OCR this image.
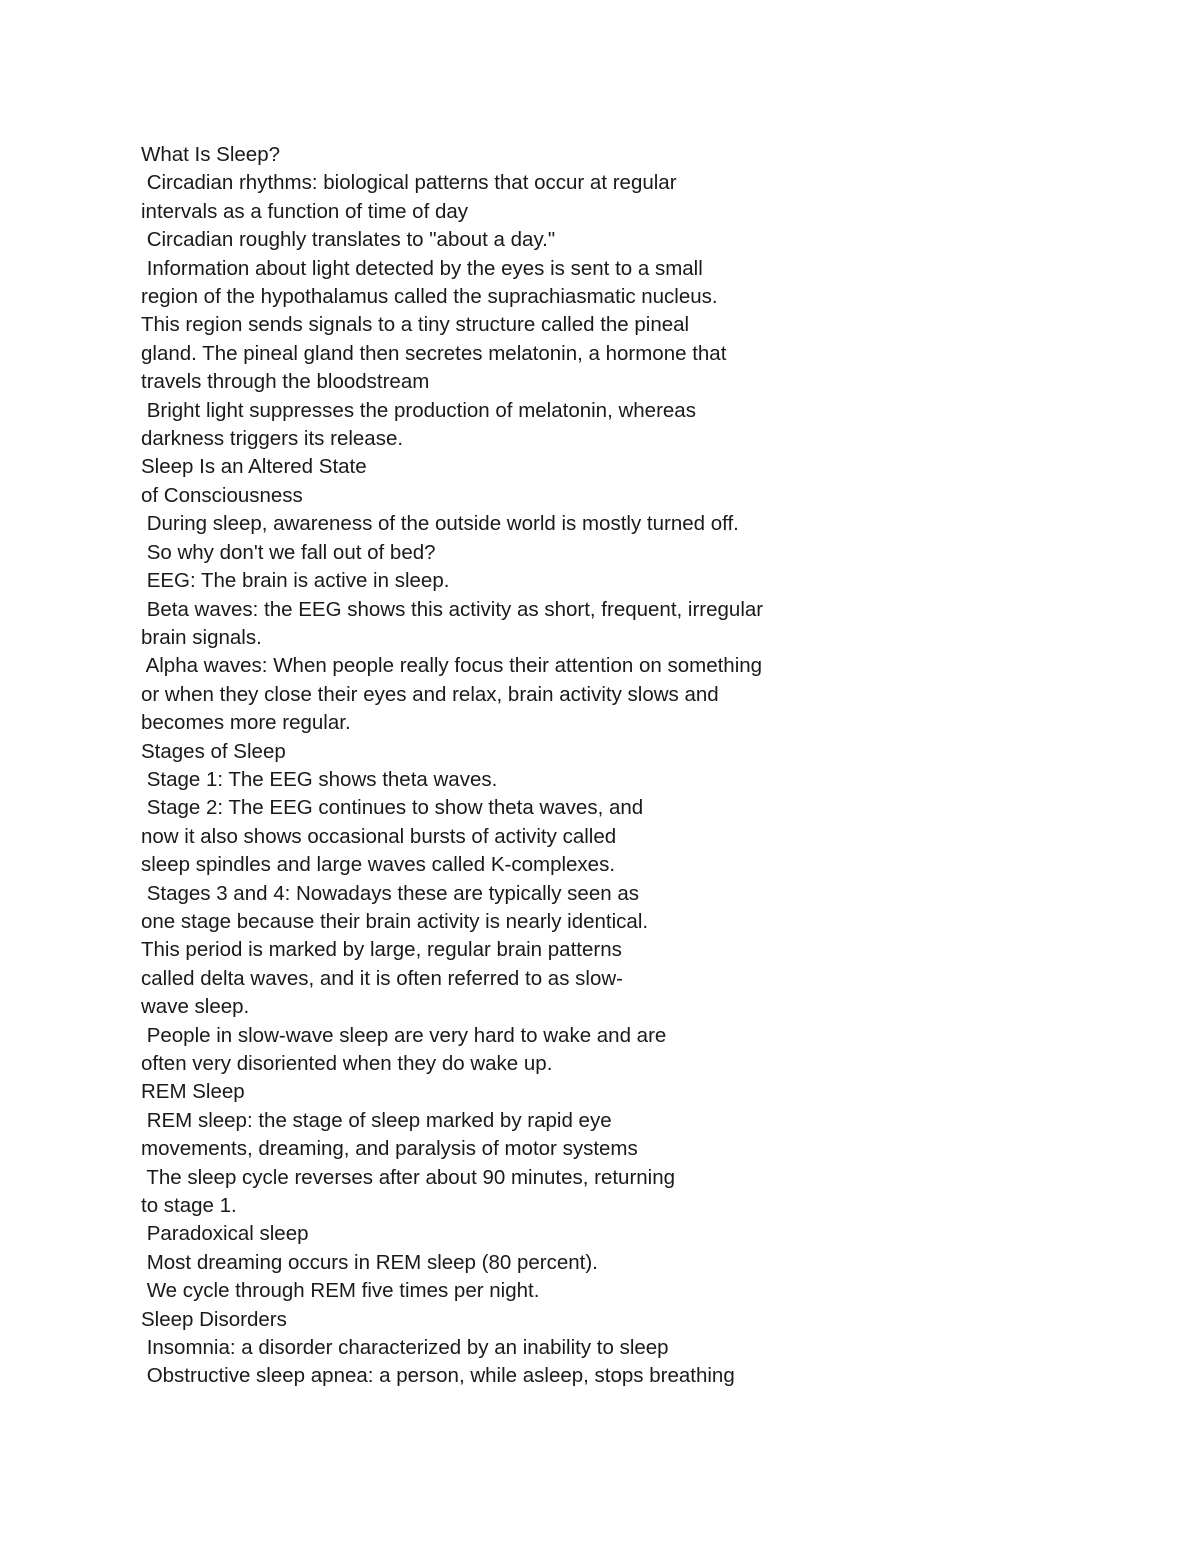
What Is Sleep?
Circadian rhythms: biological patterns that occur at regular
intervals as a function of time of day
Circadian roughly translates to "about a day."
Information about light detected by the eyes is sent to a small
region of the hypothalamus called the suprachiasmatic nucleus.
This region sends signals to a tiny structure called the pineal
gland. The pineal gland then secretes melatonin, a hormone that
travels through the bloodstream
Bright light suppresses the production of melatonin, whereas
darkness triggers its release.
Sleep Is an Altered State
of Consciousness
During sleep, awareness of the outside world is mostly turned off.
So why don't we fall out of bed?
EEG: The brain is active in sleep.
Beta waves: the EEG shows this activity as short, frequent, irregular
brain signals.
Alpha waves: When people really focus their attention on something
or when they close their eyes and relax, brain activity slows and
becomes more regular.
Stages of Sleep
Stage 1: The EEG shows theta waves.
Stage 2: The EEG continues to show theta waves, and
now it also shows occasional bursts of activity called
sleep spindles and large waves called K-complexes.
Stages 3 and 4: Nowadays these are typically seen as
one stage because their brain activity is nearly identical.
This period is marked by large, regular brain patterns
called delta waves, and it is often referred to as slow-
wave sleep.
People in slow-wave sleep are very hard to wake and are
often very disoriented when they do wake up.
REM Sleep
REM sleep: the stage of sleep marked by rapid eye
movements, dreaming, and paralysis of motor systems
The sleep cycle reverses after about 90 minutes, returning
to stage 1.
Paradoxical sleep
Most dreaming occurs in REM sleep (80 percent).
We cycle through REM five times per night.
Sleep Disorders
Insomnia: a disorder characterized by an inability to sleep
Obstructive sleep apnea: a person, while asleep, stops breathing
